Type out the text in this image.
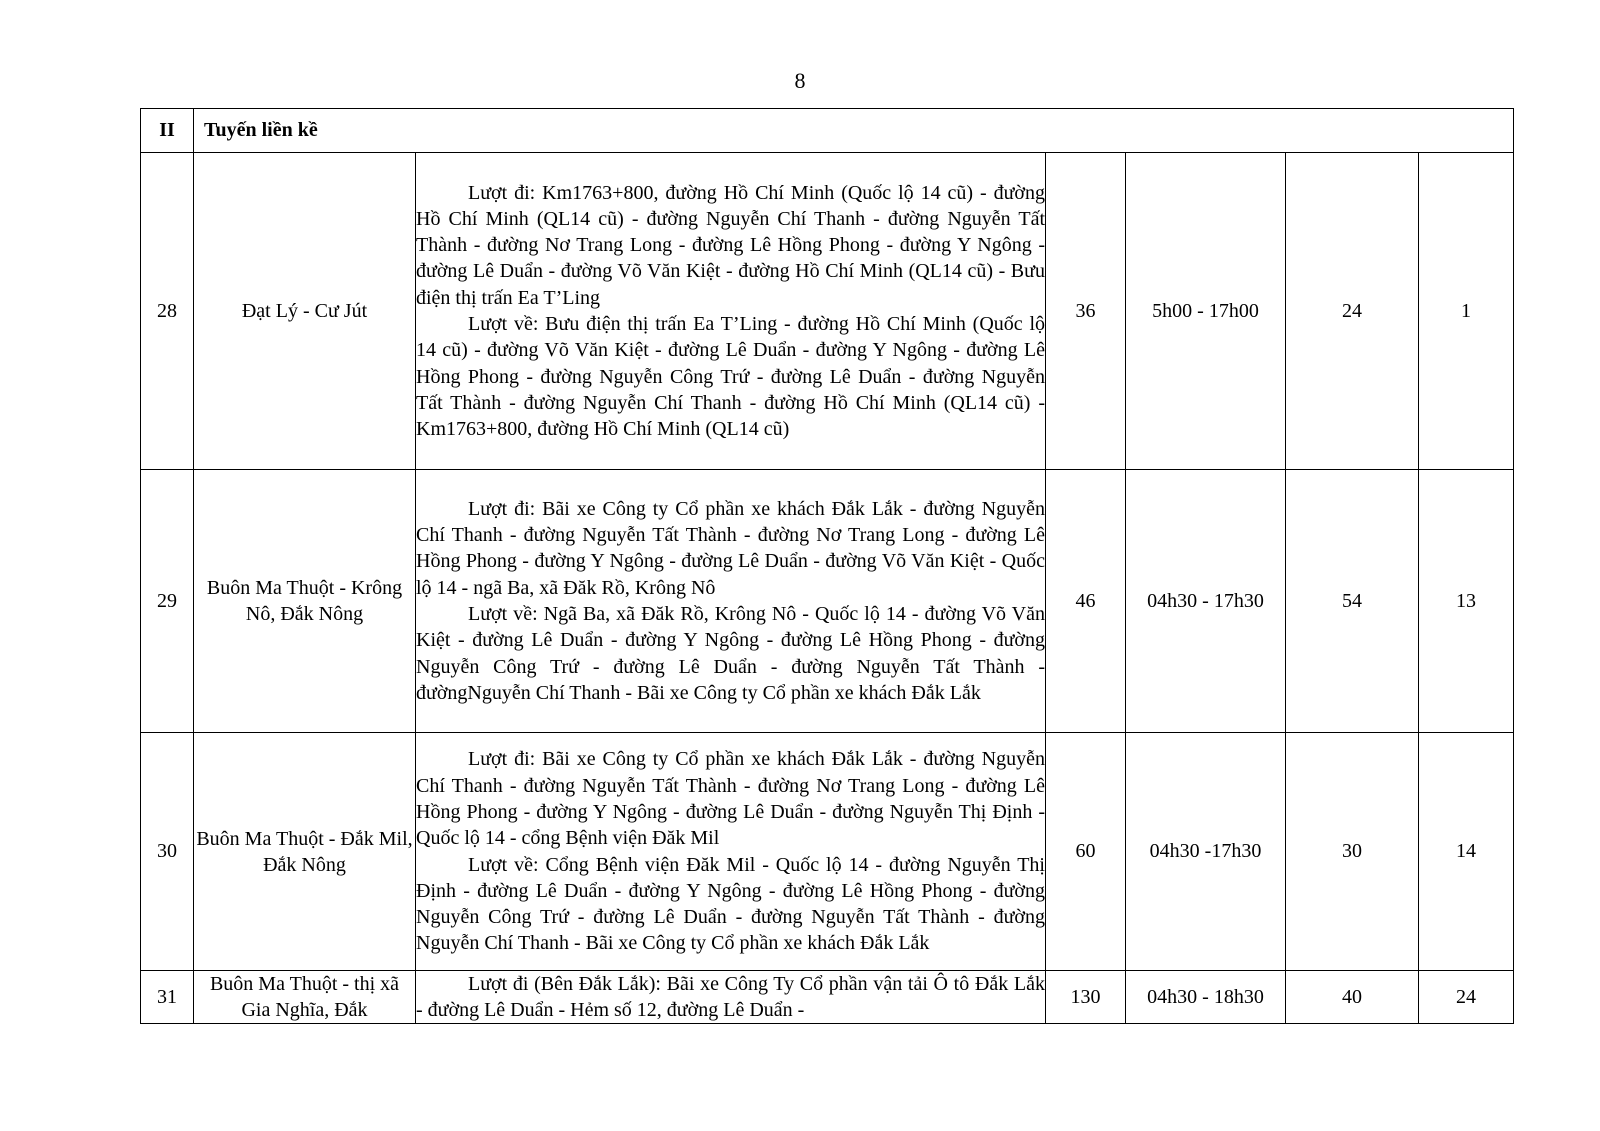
8
II	Tuyến liền kề					
28	Đạt Lý - Cư Jút	Lượt đi: Km1763+800, đường Hồ Chí Minh (Quốc lộ 14 cũ) - đường Hồ Chí Minh (QL14 cũ) - đường Nguyễn Chí Thanh - đường Nguyễn Tất Thành - đường Nơ Trang Long - đường Lê Hồng Phong - đường Y Ngông - đường Lê Duẩn - đường Võ Văn Kiệt - đường Hồ Chí Minh (QL14 cũ) - Bưu điện thị trấn Ea T’Ling

Lượt về: Bưu điện thị trấn Ea T’Ling - đường Hồ Chí Minh (Quốc lộ 14 cũ) - đường Võ Văn Kiệt - đường Lê Duẩn - đường Y Ngông - đường Lê Hồng Phong - đường Nguyễn Công Trứ - đường Lê Duẩn - đường Nguyễn Tất Thành - đường Nguyễn Chí Thanh - đường Hồ Chí Minh (QL14 cũ) - Km1763+800, đường Hồ Chí Minh (QL14 cũ)	36	5h00 - 17h00	24	1
29	Buôn Ma Thuột - Krông Nô, Đắk Nông	Lượt đi: Bãi xe Công ty Cổ phần xe khách Đắk Lắk - đường Nguyễn Chí Thanh - đường Nguyễn Tất Thành - đường Nơ Trang Long - đường Lê Hồng Phong - đường Y Ngông - đường Lê Duẩn - đường Võ Văn Kiệt - Quốc lộ 14 - ngã Ba, xã Đăk Rồ, Krông Nô

Lượt về: Ngã Ba, xã Đăk Rồ, Krông Nô - Quốc lộ 14 - đường Võ Văn Kiệt - đường Lê Duẩn - đường Y Ngông - đường Lê Hồng Phong - đường Nguyễn Công Trứ - đường Lê Duẩn - đường Nguyễn Tất Thành - đườngNguyễn Chí Thanh - Bãi xe Công ty Cổ phần xe khách Đắk Lắk	46	04h30 - 17h30	54	13
30	Buôn Ma Thuột - Đắk Mil, Đắk Nông	Lượt đi: Bãi xe Công ty Cổ phần xe khách Đắk Lắk - đường Nguyễn Chí Thanh - đường Nguyễn Tất Thành - đường Nơ Trang Long - đường Lê Hồng Phong - đường Y Ngông - đường Lê Duẩn - đường Nguyễn Thị Định - Quốc lộ 14 - cổng Bệnh viện Đăk Mil

Lượt về: Cổng Bệnh viện Đăk Mil - Quốc lộ 14 - đường Nguyễn Thị Định - đường Lê Duẩn - đường Y Ngông - đường Lê Hồng Phong - đường Nguyễn Công Trứ - đường Lê Duẩn - đường Nguyễn Tất Thành - đường Nguyễn Chí Thanh - Bãi xe Công ty Cổ phần xe khách Đắk Lắk	60	04h30 -17h30	30	14
31	Buôn Ma Thuột - thị xã Gia Nghĩa, Đắk	Lượt đi (Bên Đắk Lắk): Bãi xe Công Ty Cổ phần vận tải Ô tô Đắk Lắk - đường Lê Duẩn - Hẻm số 12, đường Lê Duẩn -	130	04h30 - 18h30	40	24
